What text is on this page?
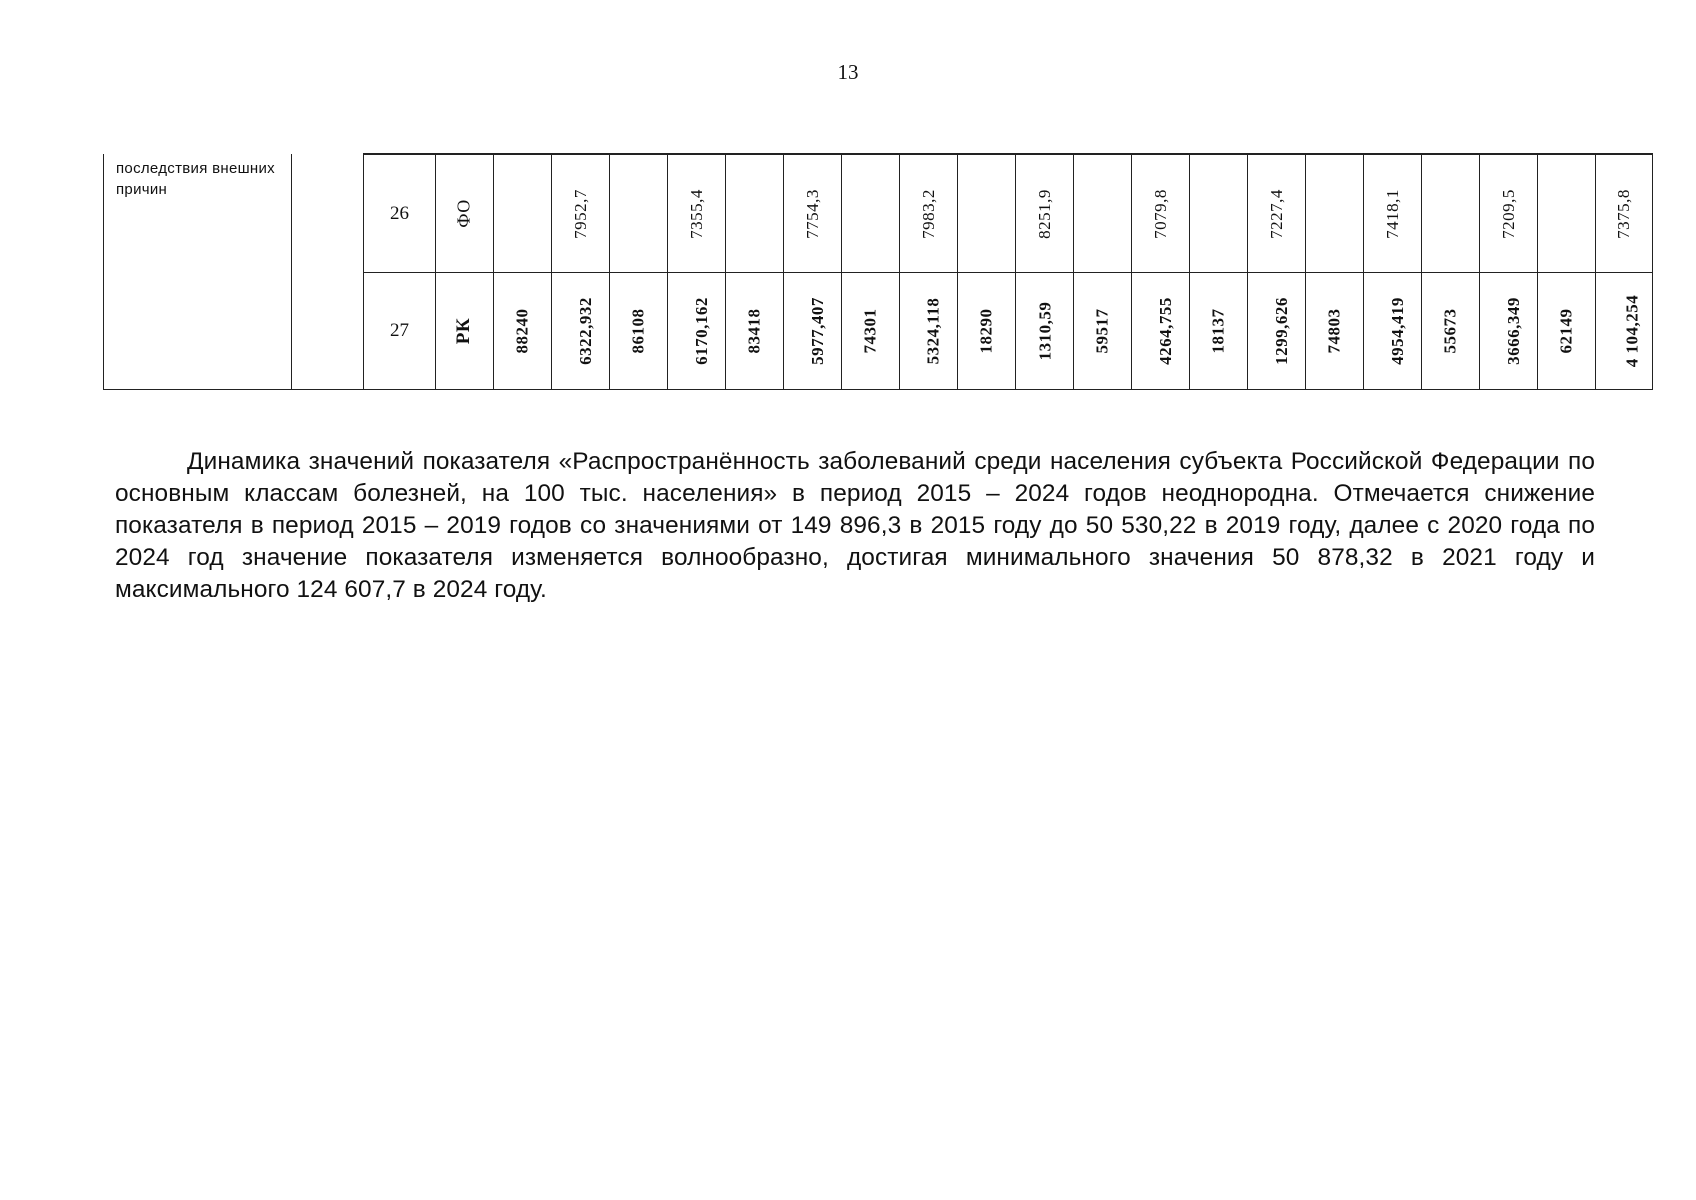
13
последствия внешних причин		26	ФО		7952,7		7355,4		7754,3		7983,2		8251,9		7079,8		7227,4		7418,1		7209,5		7375,8
		27	РК	88240	6322,932	86108	6170,162	83418	5977,407	74301	5324,118	18290	1310,59	59517	4264,755	18137	1299,626	74803	4954,419	55673	3666,349	62149	4 104,254

Динамика значений показателя «Распространённость заболеваний среди населения субъекта Российской Федерации по основным классам болезней, на 100 тыс. населения» в период 2015 – 2024 годов неоднородна. Отмечается снижение показателя в период 2015 – 2019 годов со значениями от 149 896,3 в 2015 году до 50 530,22 в 2019 году, далее с 2020 года по 2024 год значение показателя изменяется волнообразно, достигая минимального значения 50 878,32 в 2021 году и максимального 124 607,7 в 2024 году.
